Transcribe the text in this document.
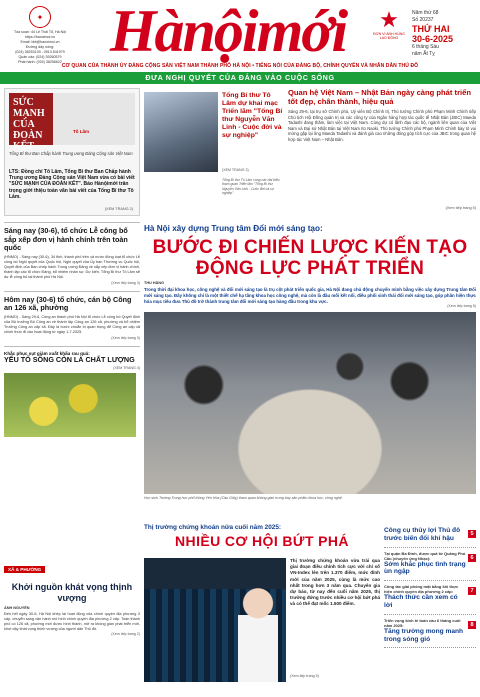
✦
Tòa soạn: 44 Lê Thái Tổ, Hà Nội
https://hanoimoi.vn
Email: bbt@hanoimoi.vn
Đường dây nóng:
(024) 38253139 - 0913.541979
Quản cáo: (024) 39260579
Phát hành: (024) 38256622 Hànộimới	★
ĐƠN VỊ ANH HÙNG LAO ĐỘNG
Năm thứ 68
Số 20237
THỨ HAI
30-6-2025
6 tháng Sáu
năm Ất Tỵ
CƠ QUAN CỦA THÀNH ỦY ĐẢNG CỘNG SẢN VIỆT NAM THÀNH PHỐ HÀ NỘI • TIẾNG NÓI CỦA ĐẢNG BỘ, CHÍNH QUYỀN VÀ NHÂN DÂN THỦ ĐÔ
ĐƯA NGHỊ QUYẾT CỦA ĐẢNG VÀO CUỘC SỐNG
SỨC MẠNH CỦA ĐOÀN KẾT
Tô Lâm
Tổng Bí thư Ban Chấp hành Trung ương Đảng Cộng sản Việt Nam
LTS: Đồng chí Tô Lâm, Tổng Bí thư Ban Chấp hành Trung ương Đảng Cộng sản Việt Nam vừa có bài viết "SỨC MẠNH CỦA ĐOÀN KẾT". Báo Hànộimới trân trọng giới thiệu toàn văn bài viết của Tổng Bí thư Tô Lâm.
(XEM TRANG 2)
Sáng nay (30-6), tổ chức Lễ công bố sắp xếp đơn vị hành chính trên toàn quốc
(HNMO) - Sáng nay (30-6), 34 tỉnh, thành phố trên cả nước đồng loạt tổ chức Lễ công bố Nghị quyết của Quốc hội, Nghị quyết của Ủy ban Thường vụ Quốc hội, Quyết định của Ban chấp hành Trung ương Đảng về sắp xếp đơn vị hành chính, thành lập các tổ chức Đảng, bổ nhiệm nhân sự. Dự kiến, Tổng Bí thư Tô Lâm sẽ dự lễ công bố tại thành phố Hà Nội.
(Xem tiếp trang 3)
Hôm nay (30-6) tổ chức, cán bộ Công an 126 xã, phường
(HNMO) - Sáng 29-6, Công an thành phố Hà Nội tổ chức Lễ công bố Quyết định của Bộ trưởng Bộ Công an về thành lập Công an 126 xã, phường và bổ nhiệm Trưởng Công an cấp xã. Đây là bước chuẩn bị quan trọng để Công an cấp xã chính thức đi vào hoạt động từ ngày 1-7-2025.
(Xem tiếp trang 3)
Khắc phục sụt giảm xuất khẩu rau quả:
YẾU TỐ SỐNG CÒN LÀ CHẤT LƯỢNG
(XEM TRANG 4)
XÃ & PHƯỜNG
Khởi nguồn khát vọng thịnh vượng
ÁNH NGUYÊN
Đến hết ngày 30-6, Hà Nội khép lại hoạt động của chính quyền địa phương 3 cấp, chuyển sang vận hành mô hình chính quyền địa phương 2 cấp. Toàn thành phố có 126 xã, phường mới được hình thành, mở ra không gian phát triển mới, khơi dậy khát vọng thịnh vượng của người dân Thủ đô.
(Xem tiếp trang 2)
Tổng Bí thư Tô Lâm dự khai mạc Triển lãm "Tổng Bí thư Nguyễn Văn Linh - Cuộc đời và sự nghiệp"
(XEM TRANG 3)
Tổng Bí thư Tô Lâm cùng các đại biểu tham quan Triển lãm "Tổng Bí thư Nguyễn Văn Linh - Cuộc đời và sự nghiệp".
Quan hệ Việt Nam – Nhật Bản ngày càng phát triển tốt đẹp, chân thành, hiệu quả
Sáng 29-6, tại trụ sở Chính phủ, Uỷ viên Bộ Chính trị, Thủ tướng Chính phủ Phạm Minh Chính tiếp Chủ tịch Hội Đồng quản trị và các công ty của Ngân hàng hợp tác quốc tế Nhật Bản (JBIC) Maeda Tadashi đang thăm, làm việc tại Việt Nam. Cùng dự có lãnh đạo các bộ, ngành liên quan của Việt Nam và Đại sứ Nhật Bản tại Việt Nam Ito Naoki. Thủ tướng Chính phủ Phạm Minh Chính bày tỏ vui mừng gặp lại ông Maeda Tadashi và đánh giá cao những đóng góp tích cực của JBIC trong quan hệ hợp tác Việt Nam – Nhật Bản.
(Xem tiếp trang 5)
Hà Nội xây dựng Trung tâm Đổi mới sáng tạo:
BƯỚC ĐI CHIẾN LƯỢC KIẾN TẠO ĐỘNG LỰC PHÁT TRIỂN
THU HẰNG
Trong thời đại khoa học, công nghệ và đổi mới sáng tạo là trụ cột phát triển quốc gia, Hà Nội đang chủ động chuyển mình bằng việc xây dựng Trung tâm Đổi mới sáng tạo. Đây không chỉ là một thiết chế hạ tầng khoa học công nghệ, mà còn là đầu mối kết nối, điều phối sinh thái đổi mới sáng tạo, góp phần hiện thực hóa mục tiêu đưa Thủ đô trở thành trung tâm đổi mới sáng tạo hàng đầu trong khu vực.
(Xem tiếp trang 5)
Học sinh Trường Trung học phổ thông Yên Hòa (Cầu Giấy) tham quan không gian trưng bày sản phẩm khoa học, công nghệ.
Thị trường chứng khoán nửa cuối năm 2025:
NHIỀU CƠ HỘI BỨT PHÁ
Thị trường chứng khoán vừa trải qua giai đoạn điều chỉnh tích cực với chỉ số VN-Index lên trên 1.370 điểm, mức đỉnh mới của năm 2025, cùng là mức cao nhất trong hơn 3 năm qua. Chuyên gia dự báo, từ nay đến cuối năm 2025, thị trường đứng trước nhiều cơ hội bứt phá và có thể đạt mốc 1.500 điểm.
(Xem tiếp trang 5)
Công cụ thủy lợi Thủ đô trước biến đổi khí hậu
5
Tại quận Ba Đình, được quả từ Quảng Phú Cầu (chuyên ứng Nhạc):
Sớm khắc phục tình trạng ùn ngập
6
Công tác giải phóng mặt bằng khi thực hiện chính quyền địa phương 2 cấp:
Thách thức cần xem có lời
7
Triển vọng kinh tế toàn cầu 6 tháng cuối năm 2025:
Tăng trưởng mong manh trong sóng gió
8
